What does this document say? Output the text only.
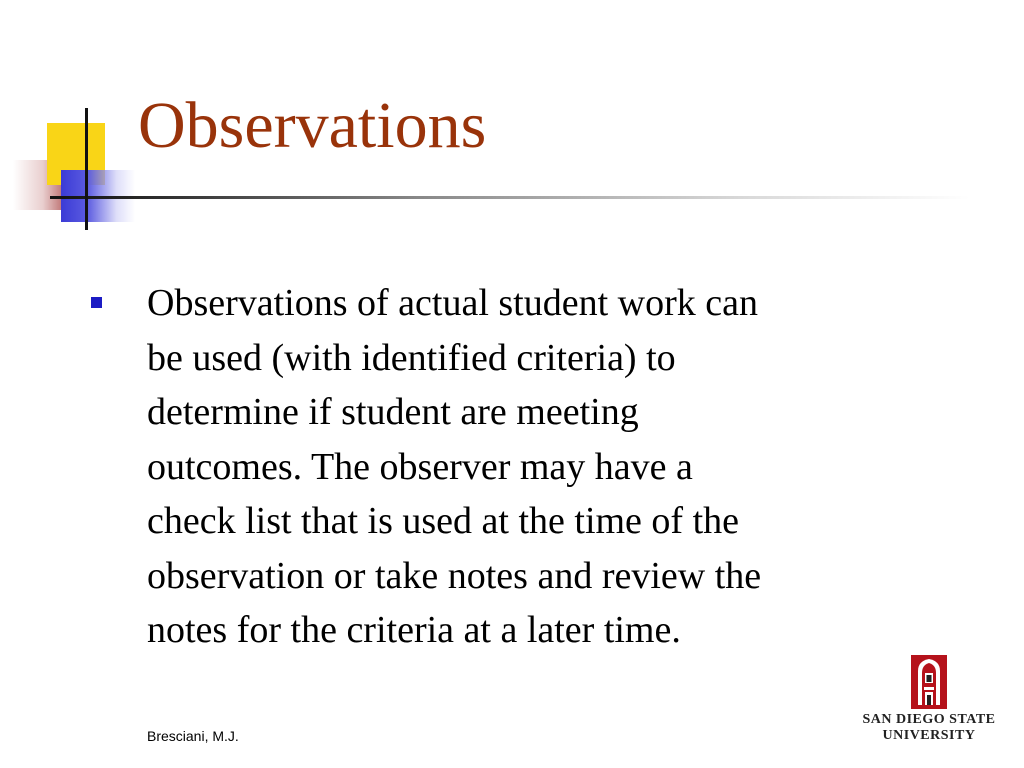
Observations
Observations of actual student work can
be used (with identified criteria) to
determine if student are meeting
outcomes. The observer may have a
check list that is used at the time of the
observation or take notes and review the
notes for the criteria at a later time.
Bresciani, M.J.
SAN DIEGO STATE
UNIVERSITY
